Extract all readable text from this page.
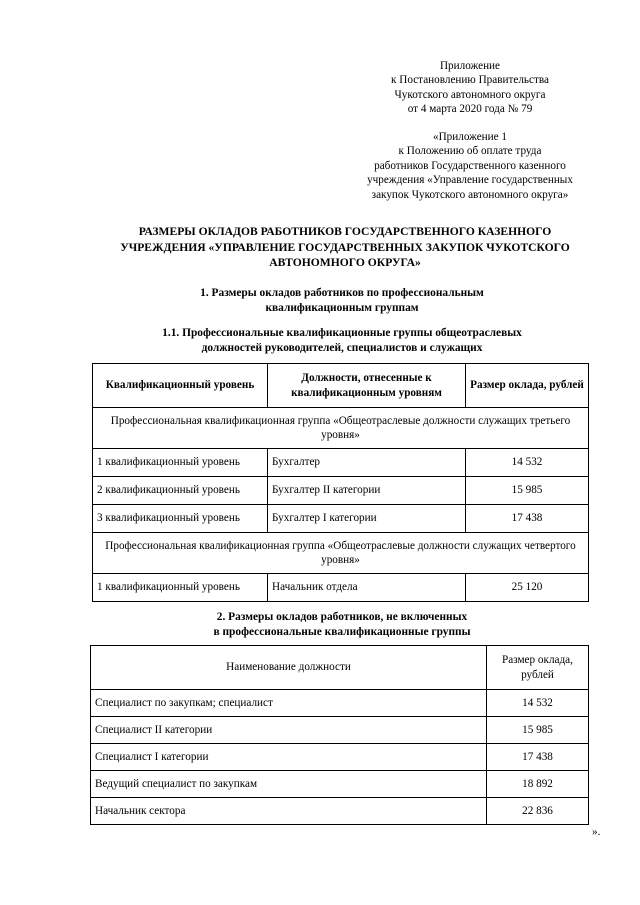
Приложение
к Постановлению Правительства
Чукотского автономного округа
от 4 марта 2020 года № 79
«Приложение 1
к Положению об оплате труда
работников Государственного казенного
учреждения «Управление государственных
закупок Чукотского автономного округа»
РАЗМЕРЫ ОКЛАДОВ РАБОТНИКОВ ГОСУДАРСТВЕННОГО КАЗЕННОГО
УЧРЕЖДЕНИЯ «УПРАВЛЕНИЕ ГОСУДАРСТВЕННЫХ ЗАКУПОК ЧУКОТСКОГО
АВТОНОМНОГО ОКРУГА»
1. Размеры окладов работников по профессиональным
квалификационным группам
1.1. Профессиональные квалификационные группы общеотраслевых
должностей руководителей, специалистов и служащих
Квалификационный уровень	Должности, отнесенные к квалификационным уровням	Размер оклада, рублей
Профессиональная квалификационная группа «Общеотраслевые должности служащих третьего уровня»		
1 квалификационный уровень	Бухгалтер	14 532
2 квалификационный уровень	Бухгалтер II категории	15 985
3 квалификационный уровень	Бухгалтер I категории	17 438
Профессиональная квалификационная группа «Общеотраслевые должности служащих четвертого уровня»		
1 квалификационный уровень	Начальник отдела	25 120
2. Размеры окладов работников, не включенных
в профессиональные квалификационные группы
Наименование должности	Размер оклада, рублей
Специалист по закупкам; специалист	14 532
Специалист II категории	15 985
Специалист I категории	17 438
Ведущий специалист по закупкам	18 892
Начальник сектора	22 836
».
